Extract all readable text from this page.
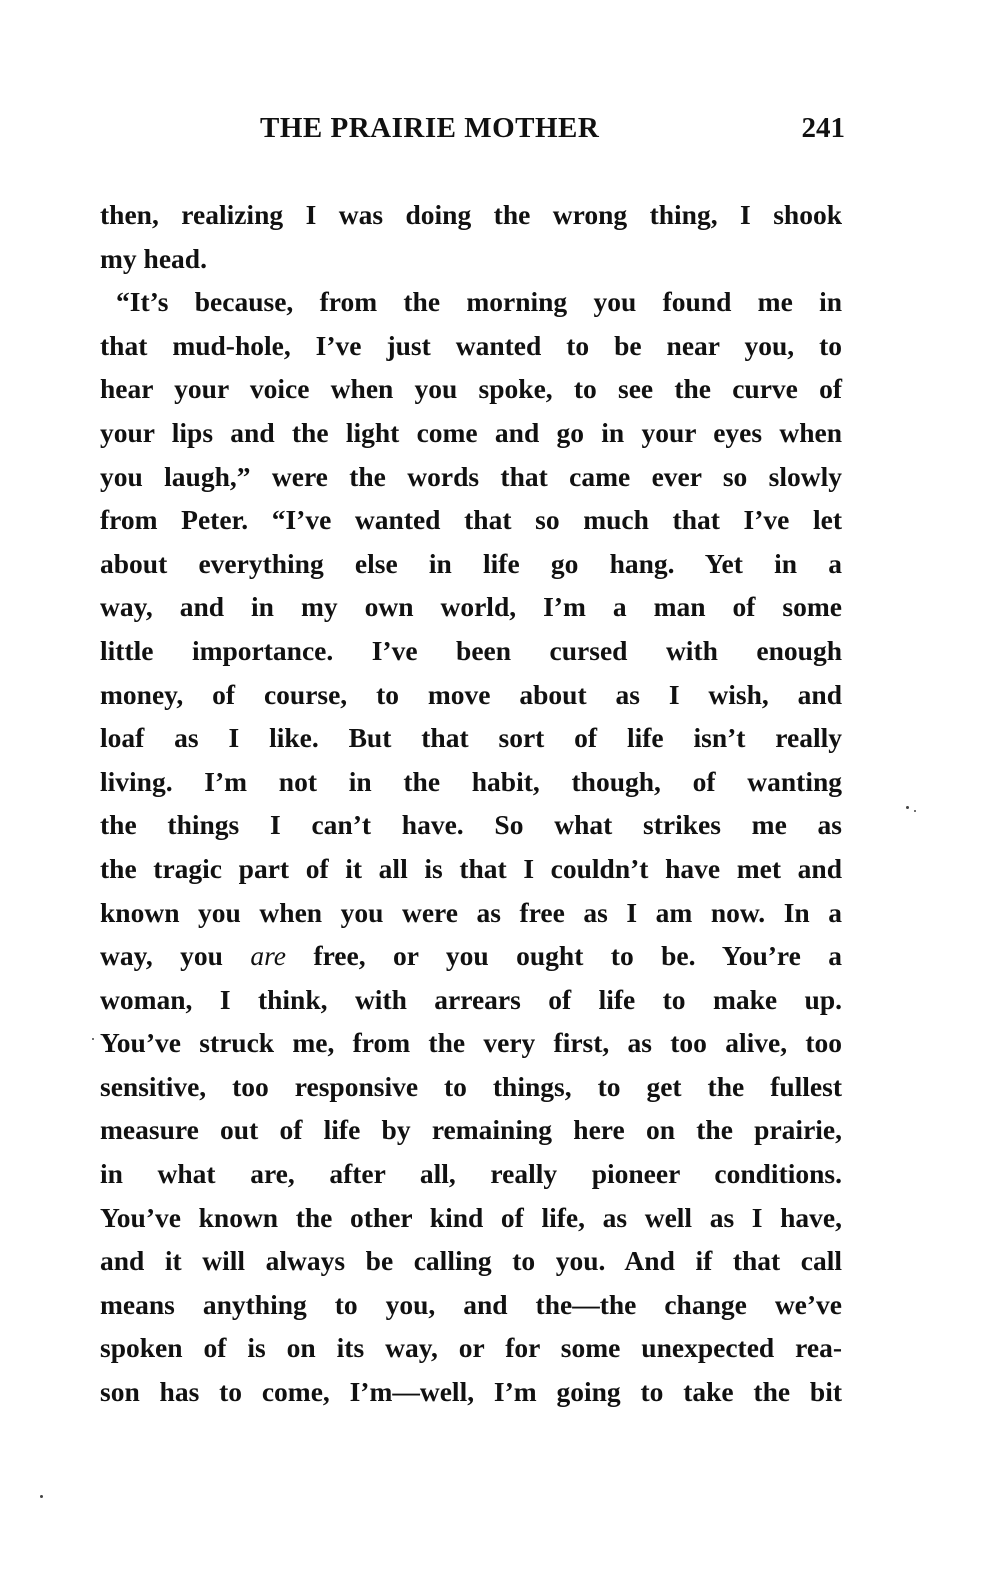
THE PRAIRIE MOTHER	241
then, realizing I was doing the wrong thing, I shook
my head.
“It’s because, from the morning you found me in
that mud-hole, I’ve just wanted to be near you, to
hear your voice when you spoke, to see the curve of
your lips and the light come and go in your eyes when
you laugh,” were the words that came ever so slowly
from Peter. “I’ve wanted that so much that I’ve let
about everything else in life go hang. Yet in a
way, and in my own world, I’m a man of some
little importance. I’ve been cursed with enough
money, of course, to move about as I wish, and
loaf as I like. But that sort of life isn’t really
living. I’m not in the habit, though, of wanting
the things I can’t have. So what strikes me as
the tragic part of it all is that I couldn’t have met and
known you when you were as free as I am now. In a
way, you are free, or you ought to be. You’re a
woman, I think, with arrears of life to make up.
You’ve struck me, from the very first, as too alive, too
sensitive, too responsive to things, to get the fullest
measure out of life by remaining here on the prairie,
in what are, after all, really pioneer conditions.
You’ve known the other kind of life, as well as I have,
and it will always be calling to you. And if that call
means anything to you, and the—the change we’ve
spoken of is on its way, or for some unexpected rea-
son has to come, I’m—well, I’m going to take the bit
